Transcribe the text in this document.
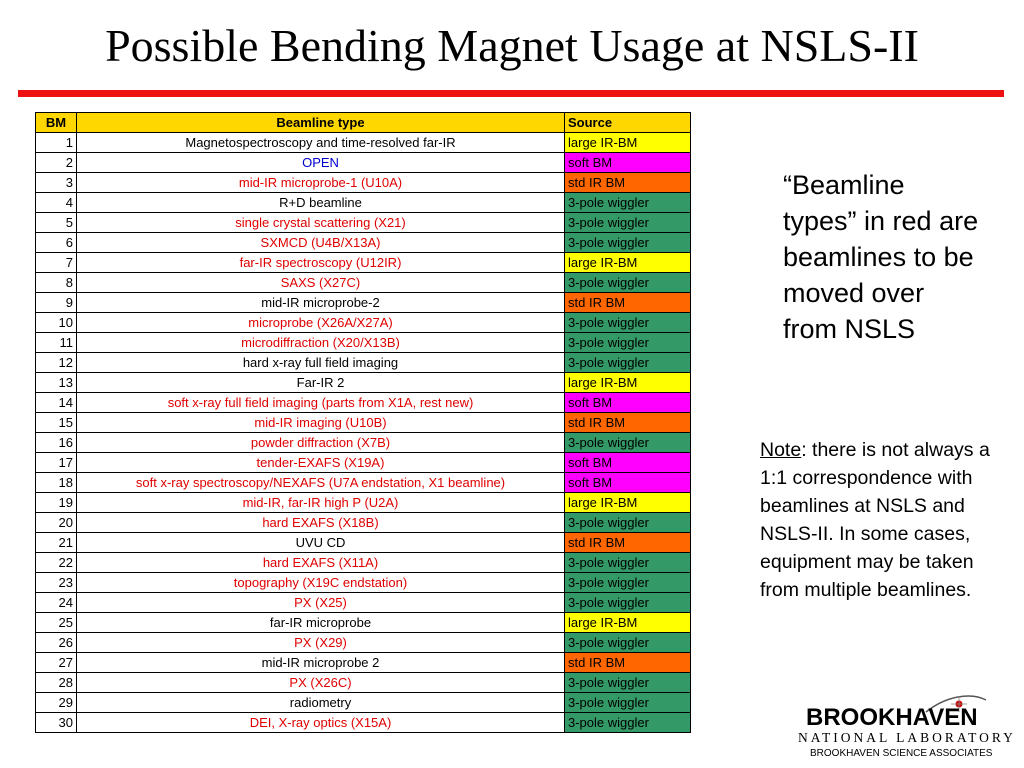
Possible Bending Magnet Usage at NSLS-II
BM	Beamline type	Source
1	Magnetospectroscopy and time-resolved far-IR	large IR-BM
2	OPEN	soft BM
3	mid-IR microprobe-1 (U10A)	std IR BM
4	R+D beamline	3-pole wiggler
5	single crystal scattering (X21)	3-pole wiggler
6	SXMCD (U4B/X13A)	3-pole wiggler
7	far-IR spectroscopy (U12IR)	large IR-BM
8	SAXS (X27C)	3-pole wiggler
9	mid-IR microprobe-2	std IR BM
10	microprobe (X26A/X27A)	3-pole wiggler
11	microdiffraction (X20/X13B)	3-pole wiggler
12	hard x-ray full field imaging	3-pole wiggler
13	Far-IR 2	large IR-BM
14	soft x-ray full field imaging (parts from X1A, rest new)	soft BM
15	mid-IR imaging (U10B)	std IR BM
16	powder diffraction (X7B)	3-pole wiggler
17	tender-EXAFS (X19A)	soft BM
18	soft x-ray spectroscopy/NEXAFS (U7A endstation, X1 beamline)	soft BM
19	mid-IR, far-IR high P (U2A)	large IR-BM
20	hard EXAFS (X18B)	3-pole wiggler
21	UVU CD	std IR BM
22	hard EXAFS (X11A)	3-pole wiggler
23	topography (X19C endstation)	3-pole wiggler
24	PX (X25)	3-pole wiggler
25	far-IR microprobe	large IR-BM
26	PX (X29)	3-pole wiggler
27	mid-IR microprobe 2	std IR BM
28	PX (X26C)	3-pole wiggler
29	radiometry	3-pole wiggler
30	DEI, X-ray optics (X15A)	3-pole wiggler
“Beamline types” in red are beamlines to be moved over from NSLS
Note: there is not always a 1:1 correspondence with beamlines at NSLS and NSLS-II. In some cases, equipment may be taken from multiple beamlines.
BROOKHAVEN
NATIONAL LABORATORY
BROOKHAVEN SCIENCE ASSOCIATES
